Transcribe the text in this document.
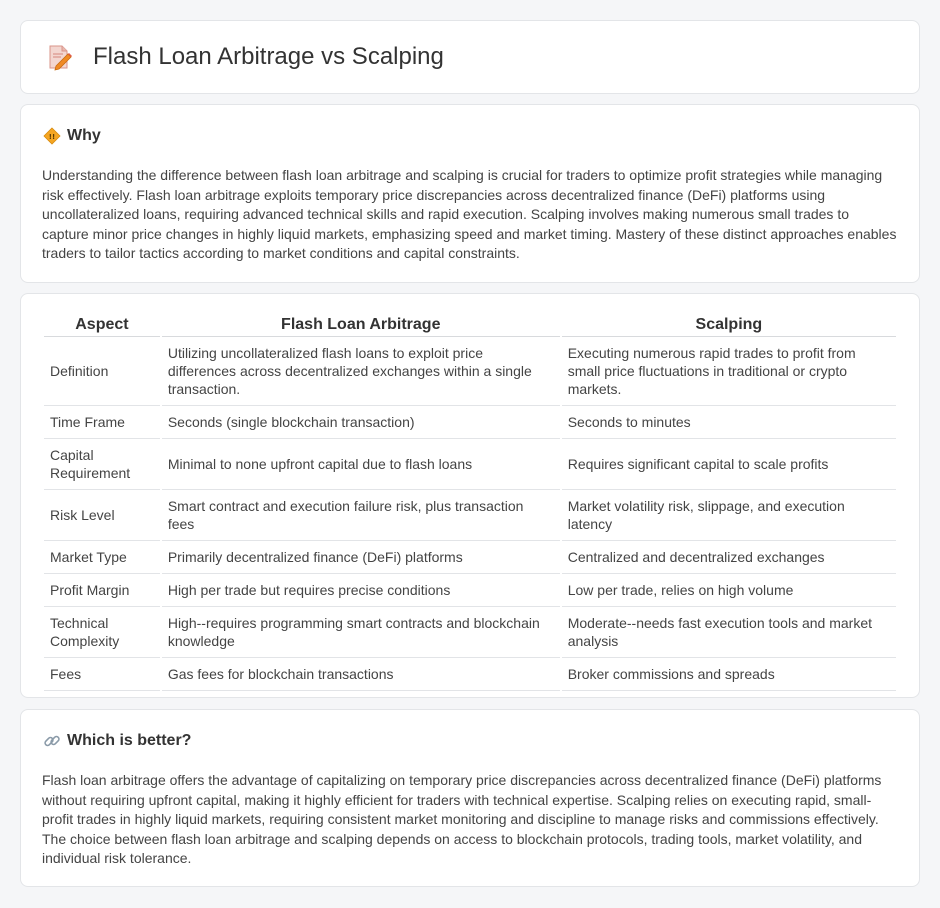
Flash Loan Arbitrage vs Scalping
!! Why

Understanding the difference between flash loan arbitrage and scalping is crucial for traders to optimize profit strategies while managing risk effectively. Flash loan arbitrage exploits temporary price discrepancies across decentralized finance (DeFi) platforms using uncollateralized loans, requiring advanced technical skills and rapid execution. Scalping involves making numerous small trades to capture minor price changes in highly liquid markets, emphasizing speed and market timing. Mastery of these distinct approaches enables traders to tailor tactics according to market conditions and capital constraints.

Aspect	Flash Loan Arbitrage	Scalping
Definition	Utilizing uncollateralized flash loans to exploit price differences across decentralized exchanges within a single transaction.	Executing numerous rapid trades to profit from small price fluctuations in traditional or crypto markets.
Time Frame	Seconds (single blockchain transaction)	Seconds to minutes
Capital Requirement	Minimal to none upfront capital due to flash loans	Requires significant capital to scale profits
Risk Level	Smart contract and execution failure risk, plus transaction fees	Market volatility risk, slippage, and execution latency
Market Type	Primarily decentralized finance (DeFi) platforms	Centralized and decentralized exchanges
Profit Margin	High per trade but requires precise conditions	Low per trade, relies on high volume
Technical Complexity	High--requires programming smart contracts and blockchain knowledge	Moderate--needs fast execution tools and market analysis
Fees	Gas fees for blockchain transactions	Broker commissions and spreads
Which is better?

Flash loan arbitrage offers the advantage of capitalizing on temporary price discrepancies across decentralized finance (DeFi) platforms without requiring upfront capital, making it highly efficient for traders with technical expertise. Scalping relies on executing rapid, small-profit trades in highly liquid markets, requiring consistent market monitoring and discipline to manage risks and commissions effectively. The choice between flash loan arbitrage and scalping depends on access to blockchain protocols, trading tools, market volatility, and individual risk tolerance.
